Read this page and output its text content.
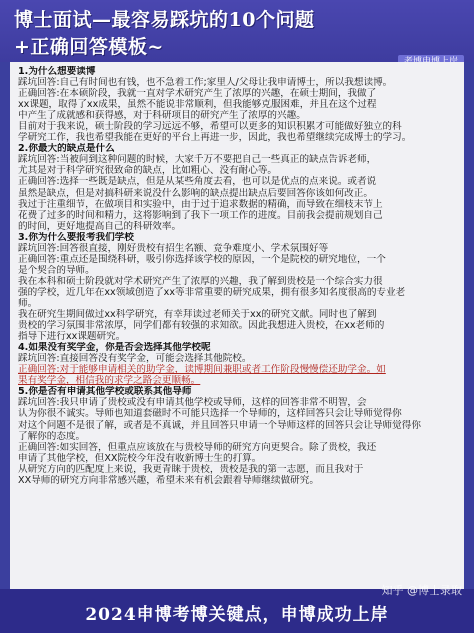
博士面试—最容易踩坑的10个问题
+正确回答模板~
1.为什么想要读博
踩坑回答:自己有时间也有钱，也不急着工作;家里人/父母让我申请博士，所以我想读博。
正确回答:在本硕阶段，我就一直对学术研究产生了浓厚的兴趣，在硕士期间，我做了
xx课题，取得了xx成果，虽然不能说非常顺利，但我能够克服困难，并且在这个过程
中产生了成就感和获得感，对于科研项目的研究产生了浓厚的兴趣。
目前对于我来说，硕士阶段的学习远远不够，希望可以更多的知识积累才可能做好独立的科
学研究工作，我也希望我能在更好的平台上再进一步，因此，我也希望继续完成博士的学习。
2.你最大的缺点是什么
踩坑回答:当被问到这种问题的时候，大家千万不要把自己一些真正的缺点告诉老师，
尤其是对于科学研究很致命的缺点，比如粗心、没有耐心等。
正确回答:选择一些既是缺点，但是从某些角度去看，也可以是优点的点来说。或者说
虽然是缺点，但是对搞科研来说没什么影响的缺点提出缺点后要回答你该如何改正。
我过于注重细节，在做项目和实验中，由于过于追求数据的精确，而导致在细枝末节上
花费了过多的时间和精力，这将影响到了我下一项工作的进度。目前我会提前规划自己
的时间，更好地提高自己的科研效率。
3.你为什么要报考我们学校
踩坑回答:回答很直接，刚好贵校有招生名额、竞争难度小、学术氛围好等
正确回答:重点还是围绕科研，吸引你选择该学校的原因，一个是院校的研究地位，一个
是个契合的导师。
我在本科和硕士阶段就对学术研究产生了浓厚的兴趣，我了解到贵校是一个综合实力很
强的学校，近几年在xx领域创造了xx等非常重要的研究成果，拥有很多知名度很高的专业老
师。
我在研究生期间做过xx科学研究，有幸拜读过老师关于xx的研究文献。同时也了解到
贵校的学习氛围非常浓厚，同学们都有较强的求知欲。因此我想进入贵校，在xx老师的
指导下进行xx课题研究。
4.如果没有奖学金，你是否会选择其他学校呢
踩坑回答:直接回答没有奖学金，可能会选择其他院校。
正确回答:对于能够申请相关的助学金，读博期间兼职或者工作阶段慢慢偿还助学金。如
果有奖学金，相信我的求学之路会更顺畅。
5.你是否有申请其他学校或联系其他导师
踩坑回答:我只申请了贵校或没有申请其他学校或导师，这样的回答非常不明智，会
认为你很不诚实。导师也知道套磁时不可能只选择一个导师的，这样回答只会让导师觉得你
对这个问题不是很了解，或者是不真诚，并且回答只申请一个导师这样的回答只会让导师觉得你
了解你的态度。
正确回答:如实回答，但重点应该放在与贵校导师的研究方向更契合。除了贵校，我还
申请了其他学校，但XX院校今年没有收新博士生的打算。
从研究方向的匹配度上来说，我更青睐于贵校，贵校是我的第一志愿，而且我对于
XX导师的研究方向非常感兴趣，希望未来有机会跟着导师继续做研究。
2024申博考博关键点，申博成功上岸
知乎 @博士录取
